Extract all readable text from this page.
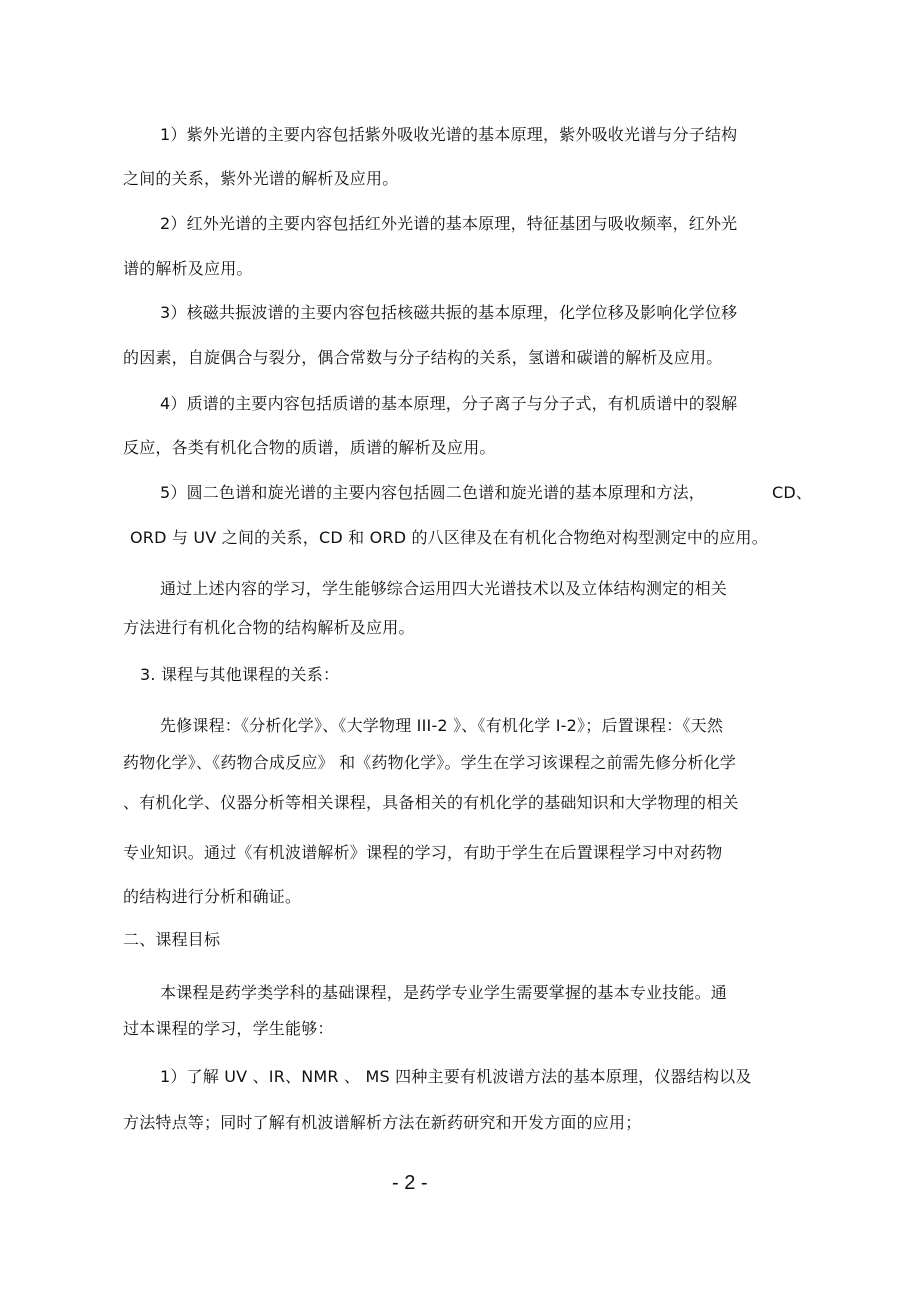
1）紫外光谱的主要内容包括紫外吸收光谱的基本原理，紫外吸收光谱与分子结构
之间的关系，紫外光谱的解析及应用。
2）红外光谱的主要内容包括红外光谱的基本原理，特征基团与吸收频率，红外光
谱的解析及应用。
3）核磁共振波谱的主要内容包括核磁共振的基本原理，化学位移及影响化学位移
的因素，自旋偶合与裂分，偶合常数与分子结构的关系，氢谱和碳谱的解析及应用。
4）质谱的主要内容包括质谱的基本原理，分子离子与分子式，有机质谱中的裂解
反应，各类有机化合物的质谱，质谱的解析及应用。
5）圆二色谱和旋光谱的主要内容包括圆二色谱和旋光谱的基本原理和方法，	CD、
ORD 与 UV 之间的关系，CD 和 ORD 的八区律及在有机化合物绝对构型测定中的应用。
通过上述内容的学习，学生能够综合运用四大光谱技术以及立体结构测定的相关
方法进行有机化合物的结构解析及应用。
3. 课程与其他课程的关系：
先修课程：《分析化学》、《大学物理 III-2 》、《有机化学 I-2》；后置课程：《天然
药物化学》、《药物合成反应》 和《药物化学》。学生在学习该课程之前需先修分析化学
、有机化学、仪器分析等相关课程，具备相关的有机化学的基础知识和大学物理的相关
专业知识。通过《有机波谱解析》课程的学习，有助于学生在后置课程学习中对药物
的结构进行分析和确证。
二、课程目标
本课程是药学类学科的基础课程，是药学专业学生需要掌握的基本专业技能。通
过本课程的学习，学生能够：
1）了解 UV 、IR、NMR 、 MS 四种主要有机波谱方法的基本原理，仪器结构以及
方法特点等；同时了解有机波谱解析方法在新药研究和开发方面的应用；
- 2 -
